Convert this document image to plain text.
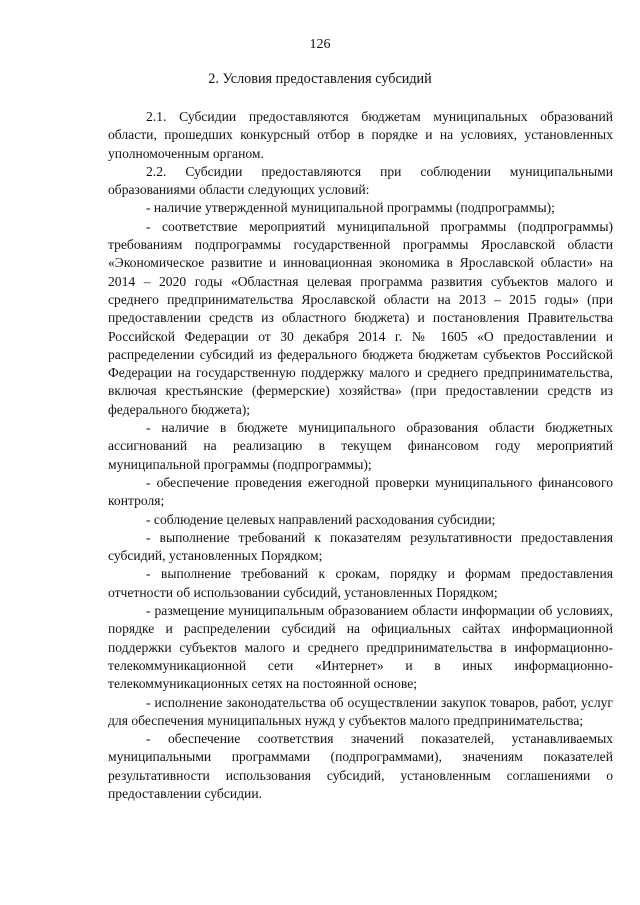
126
2. Условия предоставления субсидий

2.1. Субсидии предоставляются бюджетам муниципальных образований области, прошедших конкурсный отбор в порядке и на условиях, установленных уполномоченным органом.

2.2. Субсидии предоставляются при соблюдении муниципальными образованиями области следующих условий:

- наличие утвержденной муниципальной программы (подпрограммы);

- соответствие мероприятий муниципальной программы (подпрограммы) требованиям подпрограммы государственной программы Ярославской области «Экономическое развитие и инновационная экономика в Ярославской области» на 2014 – 2020 годы «Областная целевая программа развития субъектов малого и среднего предпринимательства Ярославской области на 2013 – 2015 годы» (при предоставлении средств из областного бюджета) и постановления Правительства Российской Федерации от 30 декабря 2014 г. № 1605 «О предоставлении и распределении субсидий из федерального бюджета бюджетам субъектов Российской Федерации на государственную поддержку малого и среднего предпринимательства, включая крестьянские (фермерские) хозяйства» (при предоставлении средств из федерального бюджета);

- наличие в бюджете муниципального образования области бюджетных ассигнований на реализацию в текущем финансовом году мероприятий муниципальной программы (подпрограммы);

- обеспечение проведения ежегодной проверки муниципального финансового контроля;

- соблюдение целевых направлений расходования субсидии;

- выполнение требований к показателям результативности предоставления субсидий, установленных Порядком;

- выполнение требований к срокам, порядку и формам предоставления отчетности об использовании субсидий, установленных Порядком;

- размещение муниципальным образованием области информации об условиях, порядке и распределении субсидий на официальных сайтах информационной поддержки субъектов малого и среднего предпринимательства в информационно-телекоммуникационной сети «Интернет» и в иных информационно-телекоммуникационных сетях на постоянной основе;

- исполнение законодательства об осуществлении закупок товаров, работ, услуг для обеспечения муниципальных нужд у субъектов малого предпринимательства;

- обеспечение соответствия значений показателей, устанавливаемых муниципальными программами (подпрограммами), значениям показателей результативности использования субсидий, установленным соглашениями о предоставлении субсидии.
